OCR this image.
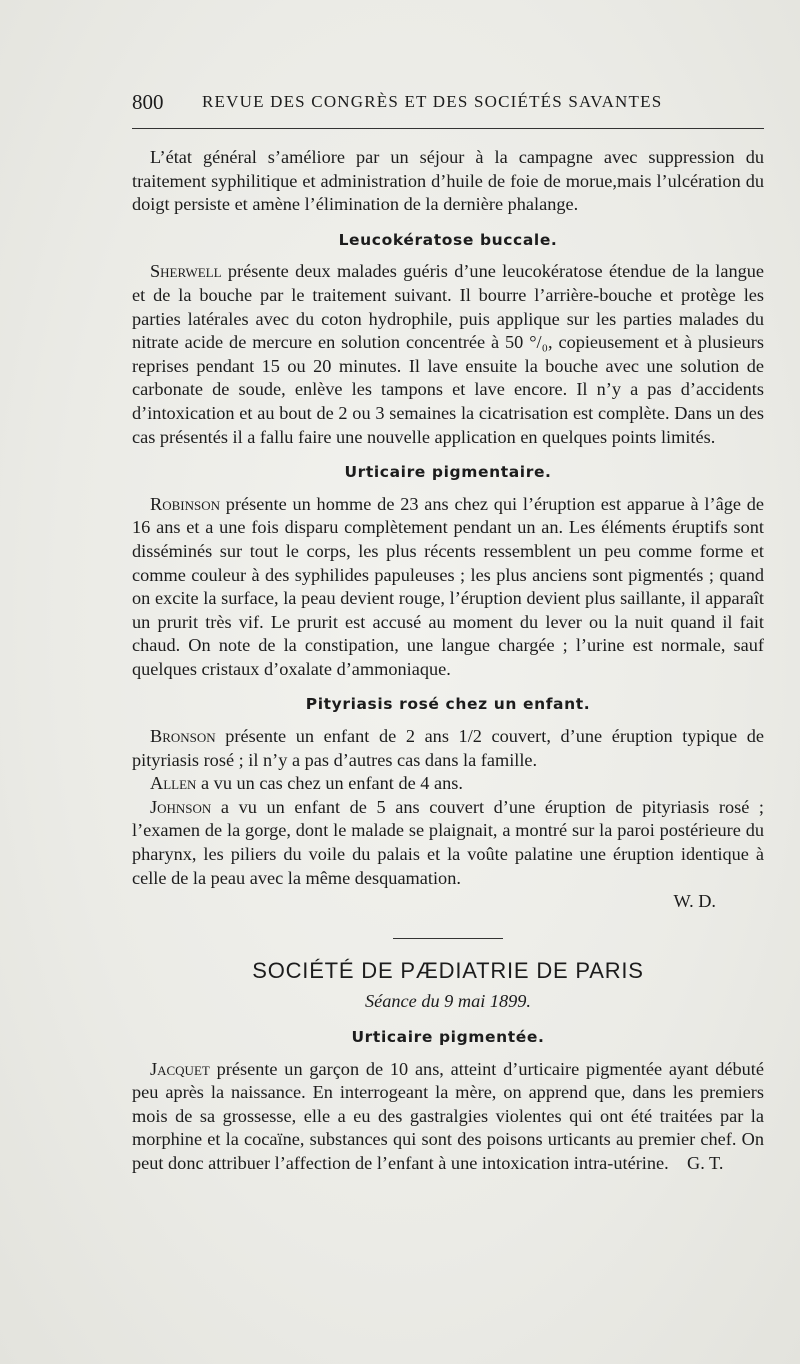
800 REVUE DES CONGRÈS ET DES SOCIÉTÉS SAVANTES

L’état général s’améliore par un séjour à la campagne avec suppression du traitement syphilitique et administration d’huile de foie de morue,mais l’ulcération du doigt persiste et amène l’élimination de la dernière phalange.

Leucokératose buccale.

Sherwell présente deux malades guéris d’une leucokératose étendue de la langue et de la bouche par le traitement suivant. Il bourre l’arrière-bouche et protège les parties latérales avec du coton hydrophile, puis applique sur les parties malades du nitrate acide de mercure en solution concentrée à 50 °/₀, copieusement et à plusieurs reprises pendant 15 ou 20 minutes. Il lave ensuite la bouche avec une solution de carbonate de soude, enlève les tampons et lave encore. Il n’y a pas d’accidents d’intoxication et au bout de 2 ou 3 semaines la cicatrisation est complète. Dans un des cas présentés il a fallu faire une nouvelle application en quelques points limités.

Urticaire pigmentaire.

Robinson présente un homme de 23 ans chez qui l’éruption est apparue à l’âge de 16 ans et a une fois disparu complètement pendant un an. Les éléments éruptifs sont disséminés sur tout le corps, les plus récents ressemblent un peu comme forme et comme couleur à des syphilides papuleuses ; les plus anciens sont pigmentés ; quand on excite la surface, la peau devient rouge, l’éruption devient plus saillante, il apparaît un prurit très vif. Le prurit est accusé au moment du lever ou la nuit quand il fait chaud. On note de la constipation, une langue chargée ; l’urine est normale, sauf quelques cristaux d’oxalate d’ammoniaque.

Pityriasis rosé chez un enfant.

Bronson présente un enfant de 2 ans 1/2 couvert, d’une éruption typique de pityriasis rosé ; il n’y a pas d’autres cas dans la famille.

Allen a vu un cas chez un enfant de 4 ans.

Johnson a vu un enfant de 5 ans couvert d’une éruption de pityriasis rosé ; l’examen de la gorge, dont le malade se plaignait, a montré sur la paroi postérieure du pharynx, les piliers du voile du palais et la voûte palatine une éruption identique à celle de la peau avec la même desquamation.

W. D.

SOCIÉTÉ DE PÆDIATRIE DE PARIS
Séance du 9 mai 1899.
Urticaire pigmentée.

Jacquet présente un garçon de 10 ans, atteint d’urticaire pigmentée ayant débuté peu après la naissance. En interrogeant la mère, on apprend que, dans les premiers mois de sa grossesse, elle a eu des gastralgies violentes qui ont été traitées par la morphine et la cocaïne, substances qui sont des poisons urticants au premier chef. On peut donc attribuer l’affection de l’enfant à une intoxication intra-utérine. G. T.
